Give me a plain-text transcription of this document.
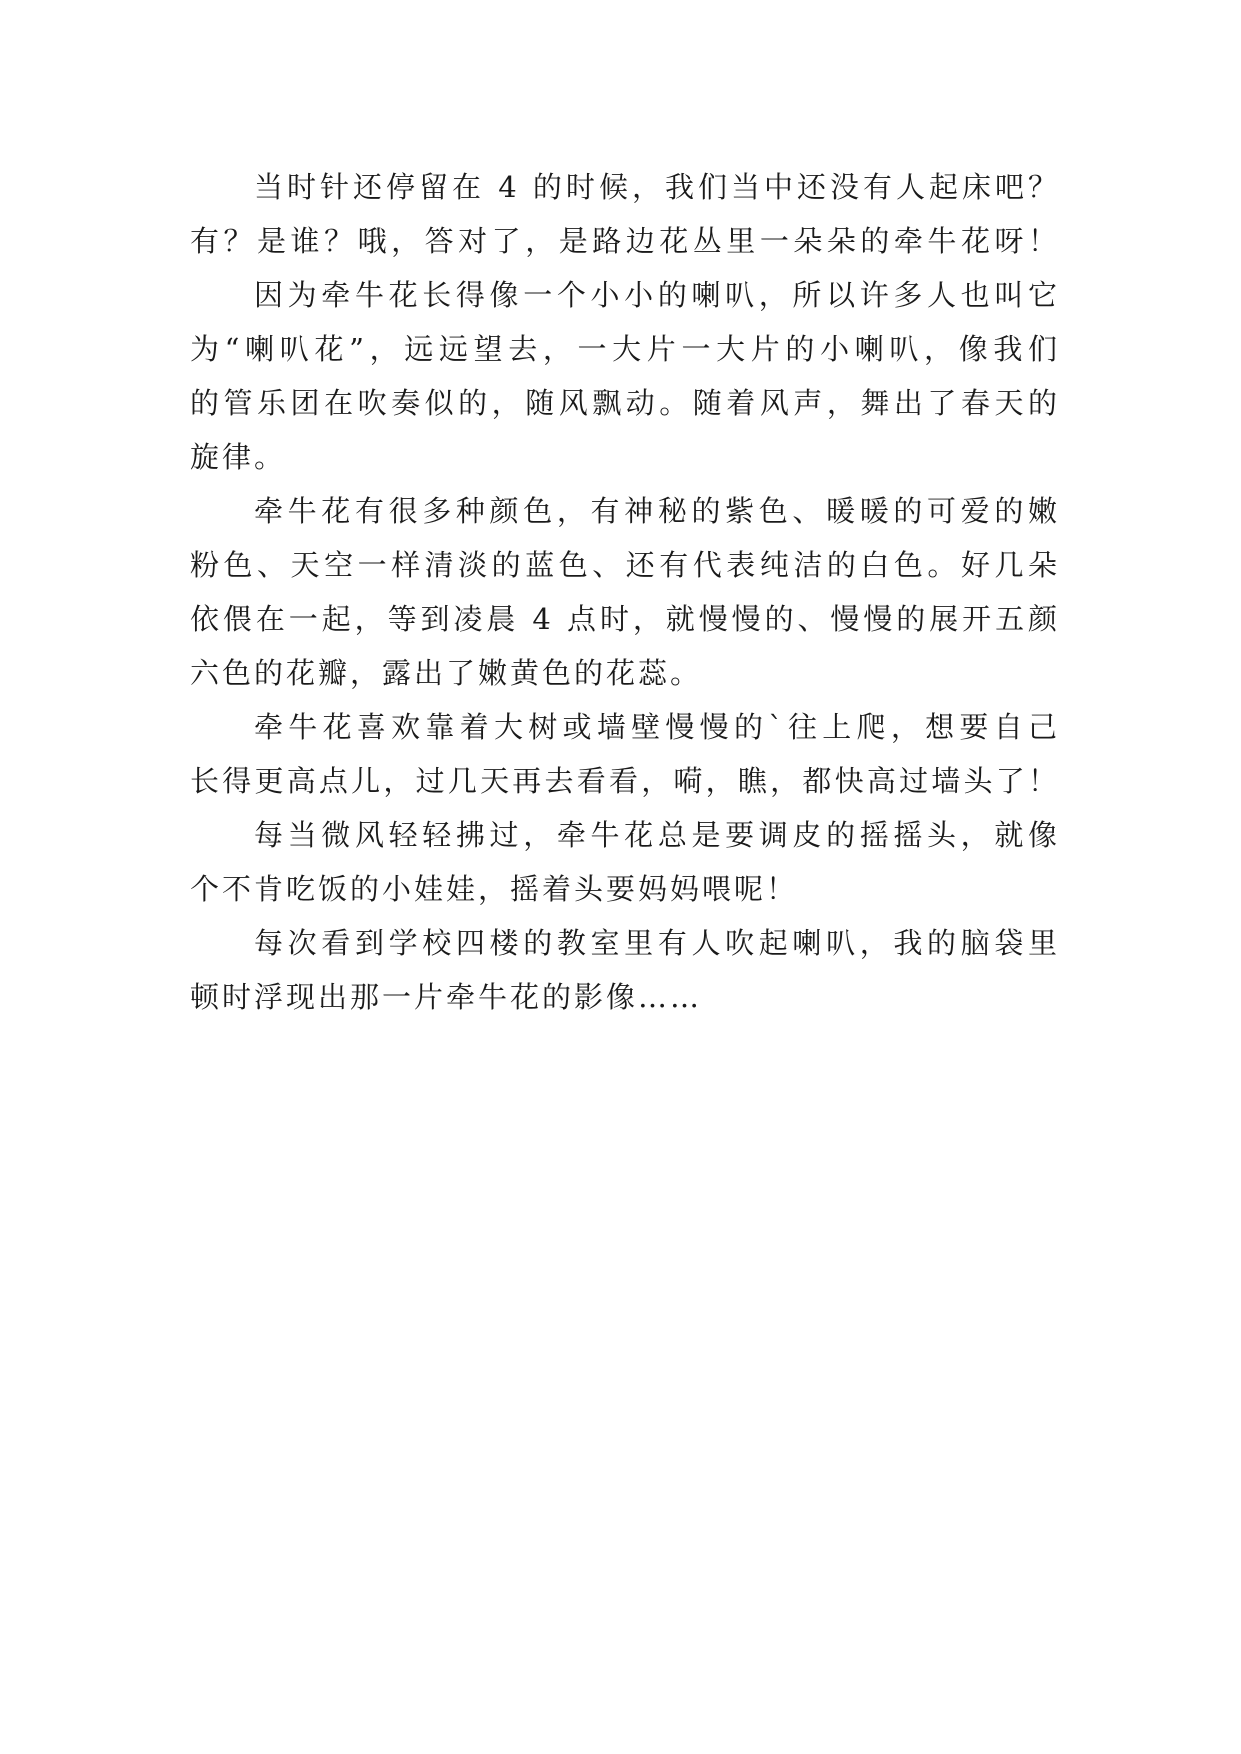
当时针还停留在 4 的时候，我们当中还没有人起床吧？
有？是谁？哦，答对了，是路边花丛里一朵朵的牵牛花呀！

因为牵牛花长得像一个小小的喇叭，所以许多人也叫它
为“喇叭花”，远远望去，一大片一大片的小喇叭，像我们
的管乐团在吹奏似的，随风飘动。随着风声，舞出了春天的
旋律。

牵牛花有很多种颜色，有神秘的紫色、暖暖的可爱的嫩
粉色、天空一样清淡的蓝色、还有代表纯洁的白色。好几朵
依偎在一起，等到凌晨 4 点时，就慢慢的、慢慢的展开五颜
六色的花瓣，露出了嫩黄色的花蕊。

牵牛花喜欢靠着大树或墙壁慢慢的`往上爬，想要自己
长得更高点儿，过几天再去看看，嗬，瞧，都快高过墙头了！

每当微风轻轻拂过，牵牛花总是要调皮的摇摇头，就像
个不肯吃饭的小娃娃，摇着头要妈妈喂呢！

每次看到学校四楼的教室里有人吹起喇叭，我的脑袋里
顿时浮现出那一片牵牛花的影像……
